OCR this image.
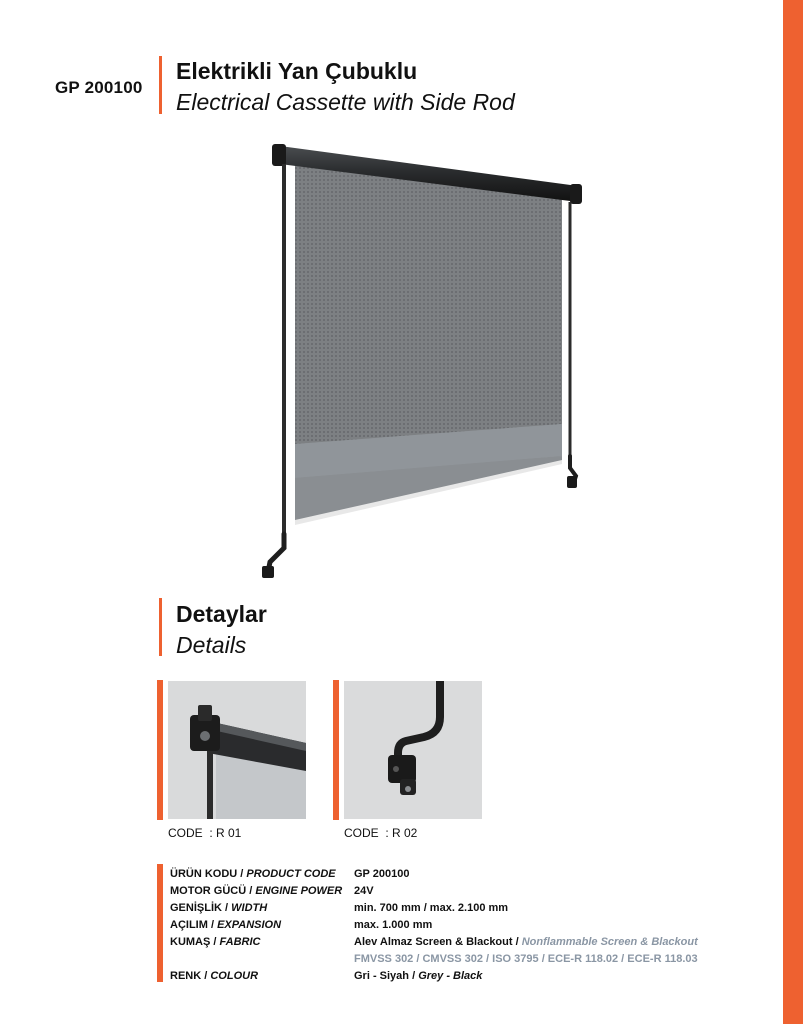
GP 200100
Elektrikli Yan Çubuklu
Electrical Cassette with Side Rod
Detaylar
Details
CODE : R 01	CODE : R 02
ÜRÜN KODU / PRODUCT CODE GP 200100
MOTOR GÜCÜ / ENGINE POWER 24V
GENİŞLİK / WIDTH	min. 700 mm / max. 2.100 mm
AÇILIM / EXPANSION	max. 1.000 mm
KUMAŞ / FABRIC	Alev Almaz Screen & Blackout / Nonflammable Screen & Blackout
FMVSS 302 / CMVSS 302 / ISO 3795 / ECE-R 118.02 / ECE-R 118.03
RENK / COLOUR	Gri - Siyah / Grey - Black
